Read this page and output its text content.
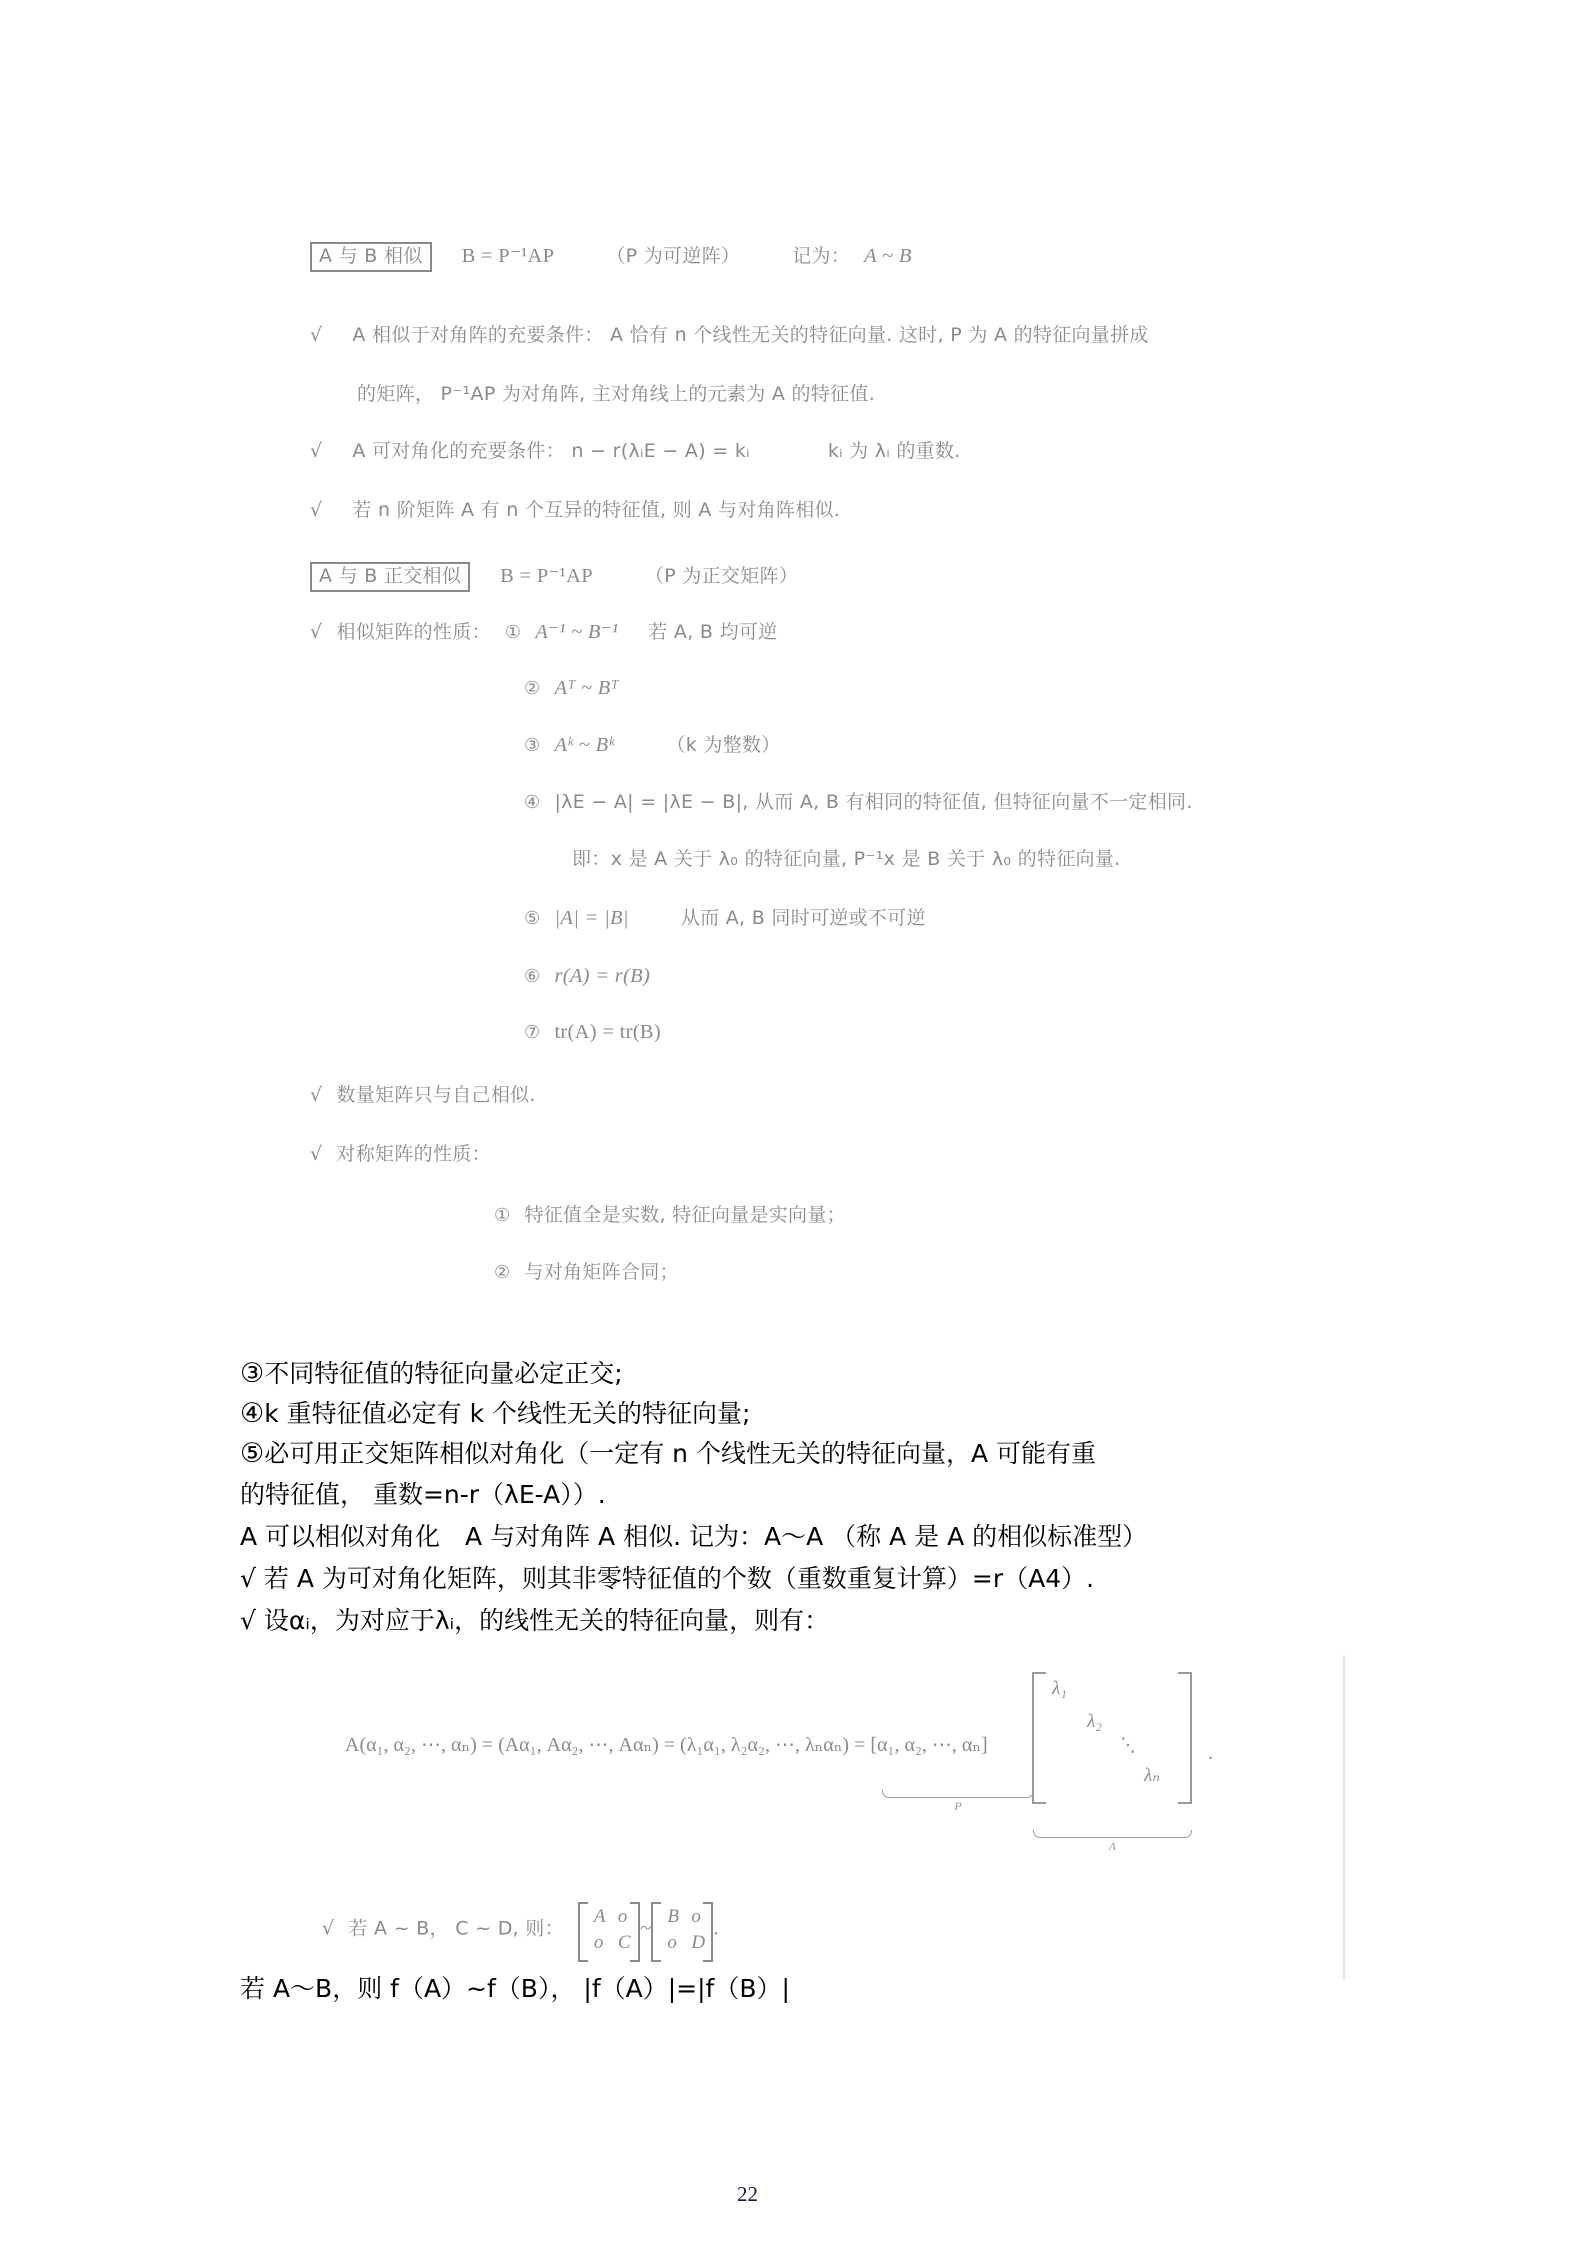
A 与 B 相似 B = P⁻¹AP	（P 为可逆阵）	记为： A ~ B
√ A 相似于对角阵的充要条件： A 恰有 n 个线性无关的特征向量. 这时, P 为 A 的特征向量拼成
的矩阵， P⁻¹AP 为对角阵, 主对角线上的元素为 A 的特征值.
√ A 可对角化的充要条件： n − r(λᵢE − A) = kᵢ	kᵢ 为 λᵢ 的重数.
√ 若 n 阶矩阵 A 有 n 个互异的特征值, 则 A 与对角阵相似.
A 与 B 正交相似 B = P⁻¹AP	（P 为正交矩阵）
√ 相似矩阵的性质： ① A⁻¹ ~ B⁻¹ 若 A, B 均可逆
② Aᵀ ~ Bᵀ
③ Aᵏ ~ Bᵏ	（k 为整数）
④ |λE − A| = |λE − B|, 从而 A, B 有相同的特征值, 但特征向量不一定相同.
即：x 是 A 关于 λ₀ 的特征向量, P⁻¹x 是 B 关于 λ₀ 的特征向量.
⑤ |A| = |B|	从而 A, B 同时可逆或不可逆
⑥ r(A) = r(B)
⑦ tr(A) = tr(B)
√ 数量矩阵只与自己相似.
√ 对称矩阵的性质：
① 特征值全是实数, 特征向量是实向量；
② 与对角矩阵合同；
③不同特征值的特征向量必定正交;
④k 重特征值必定有 k 个线性无关的特征向量;
⑤必可用正交矩阵相似对角化（一定有 n 个线性无关的特征向量，A 可能有重
的特征值， 重数=n-r（λE-A））.
A 可以相似对角化　A 与对角阵 A 相似. 记为：A～A （称 A 是 A 的相似标准型）
√ 若 A 为可对角化矩阵，则其非零特征值的个数（重数重复计算）=r（A4）.
√ 设αᵢ，为对应于λᵢ，的线性无关的特征向量，则有：
A(α₁, α₂, ⋯, αₙ) = (Aα₁, Aα₂, ⋯, Aαₙ) = (λ₁α₁, λ₂α₂, ⋯, λₙαₙ) = [α₁, α₂, ⋯, αₙ]
λ₁
λ₂
⋱
λₙ
.
P
Λ
√ 若 A ~ B， C ~ D, 则：
A o
o C
~
B o
o D
.
若 A～B，则 f（A）~f（B）， |f（A）|=|f（B）|
22
